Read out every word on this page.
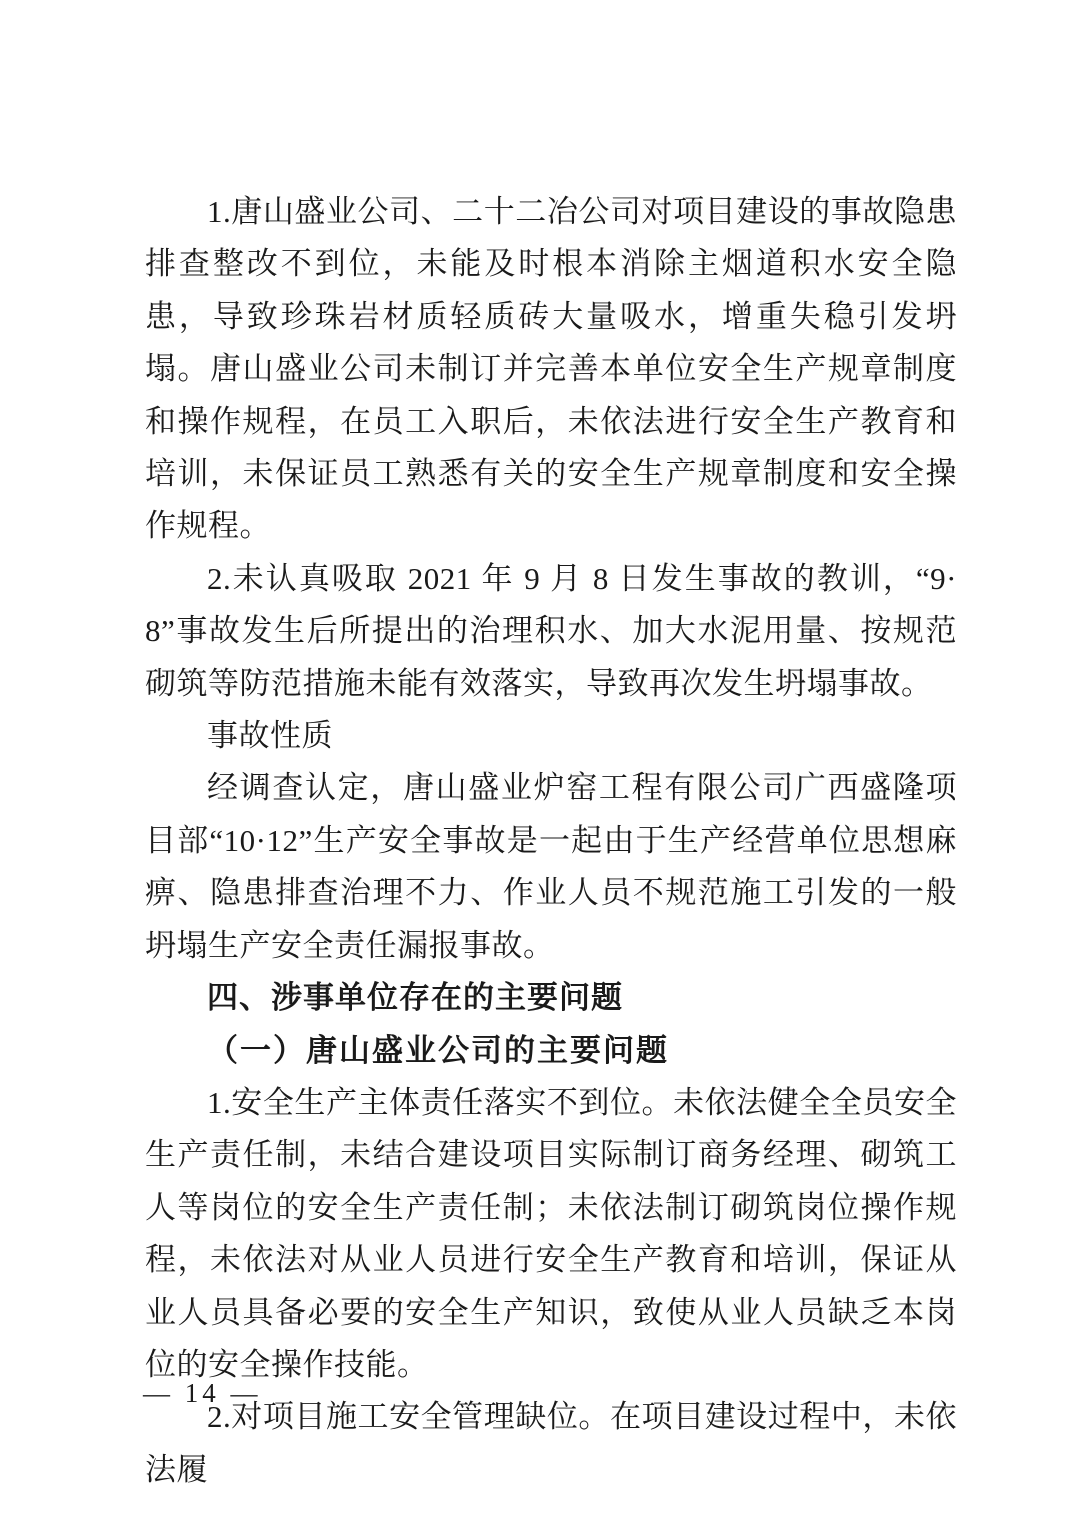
1.唐山盛业公司、二十二冶公司对项目建设的事故隐患排查整改不到位，未能及时根本消除主烟道积水安全隐患，导致珍珠岩材质轻质砖大量吸水，增重失稳引发坍塌。唐山盛业公司未制订并完善本单位安全生产规章制度和操作规程，在员工入职后，未依法进行安全生产教育和培训，未保证员工熟悉有关的安全生产规章制度和安全操作规程。

2.未认真吸取 2021 年 9 月 8 日发生事故的教训，“9·8”事故发生后所提出的治理积水、加大水泥用量、按规范砌筑等防范措施未能有效落实，导致再次发生坍塌事故。

事故性质

经调查认定，唐山盛业炉窑工程有限公司广西盛隆项目部“10·12”生产安全事故是一起由于生产经营单位思想麻痹、隐患排查治理不力、作业人员不规范施工引发的一般坍塌生产安全责任漏报事故。

四、涉事单位存在的主要问题

（一）唐山盛业公司的主要问题

1.安全生产主体责任落实不到位。未依法健全全员安全生产责任制，未结合建设项目实际制订商务经理、砌筑工人等岗位的安全生产责任制；未依法制订砌筑岗位操作规程，未依法对从业人员进行安全生产教育和培训，保证从业人员具备必要的安全生产知识，致使从业人员缺乏本岗位的安全操作技能。

2.对项目施工安全管理缺位。在项目建设过程中，未依法履

— 14 —
